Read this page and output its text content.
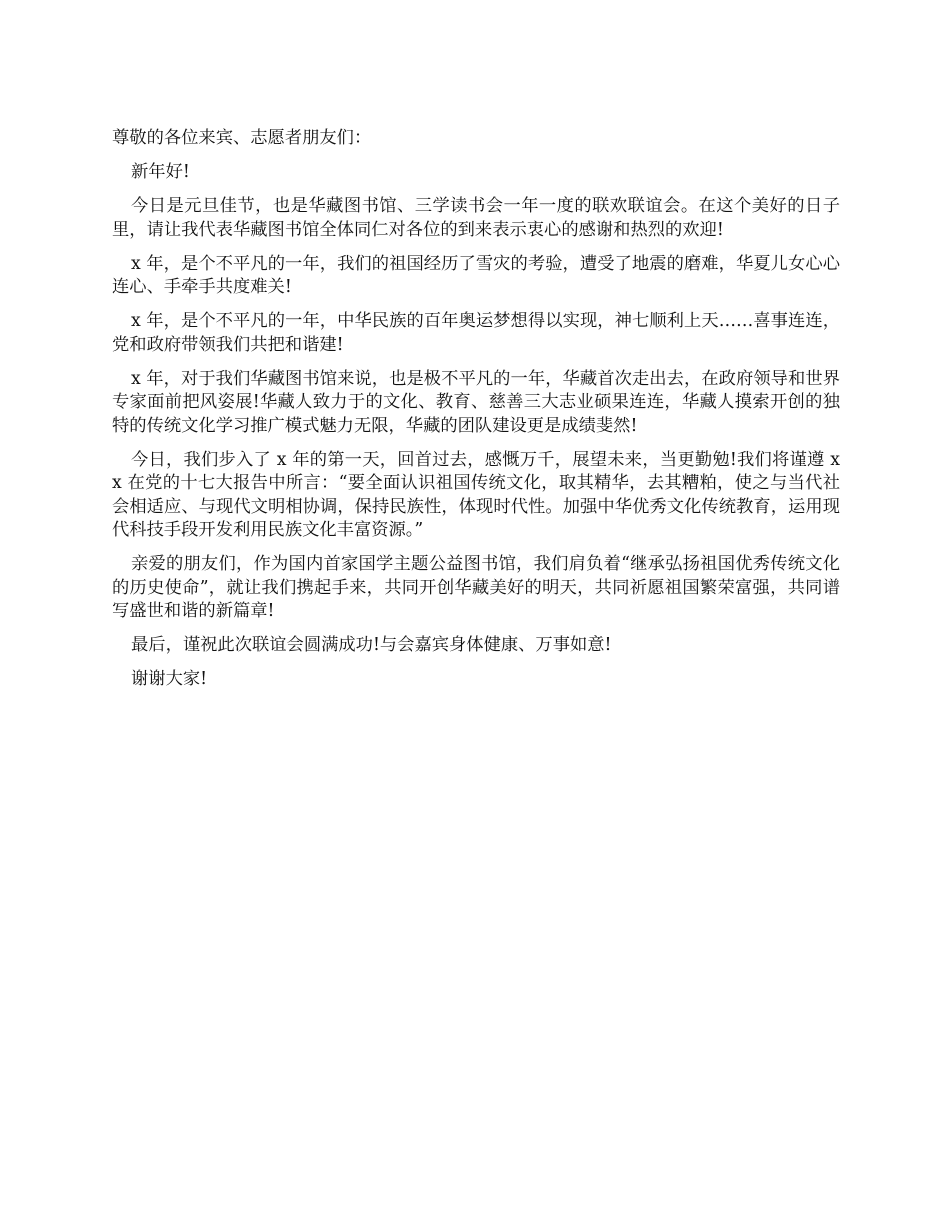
尊敬的各位来宾、志愿者朋友们：

新年好!

今日是元旦佳节，也是华藏图书馆、三学读书会一年一度的联欢联谊会。在这个美好的日子里，请让我代表华藏图书馆全体同仁对各位的到来表示衷心的感谢和热烈的欢迎!

x 年，是个不平凡的一年，我们的祖国经历了雪灾的考验，遭受了地震的磨难，华夏儿女心心连心、手牵手共度难关!

x 年，是个不平凡的一年，中华民族的百年奥运梦想得以实现，神七顺利上天……喜事连连， 党和政府带领我们共把和谐建!

x 年，对于我们华藏图书馆来说，也是极不平凡的一年，华藏首次走出去，在政府领导和世界专家面前把风姿展!华藏人致力于的文化、教育、慈善三大志业硕果连连，华藏人摸索开创的独特的传统文化学习推广模式魅力无限，华藏的团队建设更是成绩斐然!

今日，我们步入了 x 年的第一天，回首过去，感慨万千，展望未来，当更勤勉!我们将谨遵 xx 在党的十七大报告中所言：“要全面认识祖国传统文化，取其精华，去其糟粕，使之与当代社会相适应、与现代文明相协调，保持民族性，体现时代性。加强中华优秀文化传统教育，运用现代科技手段开发利用民族文化丰富资源。”

亲爱的朋友们，作为国内首家国学主题公益图书馆，我们肩负着“继承弘扬祖国优秀传统文化的历史使命”，就让我们携起手来，共同开创华藏美好的明天，共同祈愿祖国繁荣富强，共同谱写盛世和谐的新篇章!

最后，谨祝此次联谊会圆满成功!与会嘉宾身体健康、万事如意!

谢谢大家!
